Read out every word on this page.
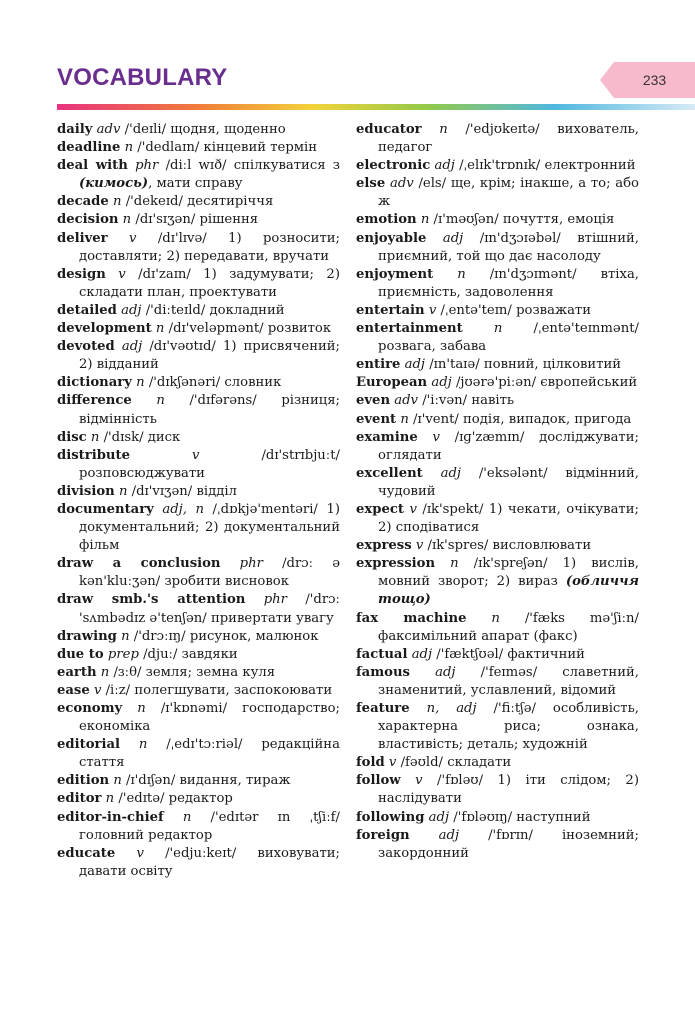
VOCABULARY	233

daily adv /'deɪli/ щодня, щоденно

deadline n /'dedlaɪn/ кінцевий термін

deal with phr /diːl wɪð/ спілкуватися з (кимось), мати справу

decade n /'dekeɪd/ десятиріччя

decision n /dɪ'sɪʒən/ рішення

deliver v /dɪ'lɪvə/ 1) розносити; доставляти; 2) передавати, вручати

design v /dɪ'zaɪn/ 1) задумувати; 2) складати план, проектувати

detailed adj /'diːteɪld/ докладний

development n /dɪ'veləpmənt/ розвиток

devoted adj /dɪ'vəʊtɪd/ 1) присвячений; 2) відданий

dictionary n /'dɪkʃənəri/ словник

difference n /'dɪfərəns/ різниця; відмінність

disc n /'dɪsk/ диск

distribute	v	/dɪ'strɪbjuːt/ розповсюджувати

division n /dɪ'vɪʒən/ відділ

documentary adj, n /ˌdɒkjə'mentəri/ 1) документальний; 2) документальний фільм

draw a conclusion phr /drɔː ə kən'kluːʒən/ зробити висновок

draw smb.'s attention phr /'drɔː 'sʌmbədɪz ə'tenʃən/ привертати увагу

drawing n /'drɔːɪŋ/ рисунок, малюнок

due to prep /djuː/ завдяки

earth n /ɜːθ/ земля; земна куля

ease v /iːz/ полегшувати, заспокоювати

economy n /ɪ'kɒnəmi/ господарство; економіка

editorial n /ˌedɪ'tɔːriəl/ редакційна стаття

edition n /ɪ'dɪʃən/ видання, тираж

editor n /'edɪtə/ редактор

editor-in-chief n /'edɪtər ɪn ˌtʃiːf/ головний редактор

educate v /'edjuːkeɪt/ виховувати; давати освіту

educator n /'edjʊkeɪtə/ вихователь, педагог

electronic adj /ˌelɪk'trɒnɪk/ електронний

else adv /els/ ще, крім; інакше, а то; або ж

emotion n /ɪ'məʊʃən/ почуття, емоція

enjoyable adj /ɪn'dʒɔɪəbəl/ втішний, приємний, той що дає насолоду

enjoyment n /ɪn'dʒɔɪmənt/ втіха, приємність, задоволення

entertain v /ˌentə'teɪn/ розважати

entertainment n /ˌentə'teɪnmənt/ розвага, забава

entire adj /ɪn'taɪə/ повний, цілковитий

European adj /jʊərə'piːən/ європейський

even adv /'iːvən/ навіть

event n /ɪ'vent/ подія, випадок, пригода

examine v /ɪɡ'zæmɪn/ досліджувати; оглядати

excellent adj /'eksələnt/ відмінний, чудовий

expect v /ɪk'spekt/ 1) чекати, очікувати; 2) сподіватися

express v /ɪk'spres/ висловлювати

expression n /ɪk'spreʃən/ 1) вислів, мовний зворот; 2) вираз (обличчя тощо)

fax machine n /'fæks mə'ʃiːn/ факсимільний апарат (факс)

factual adj /'fæktʃʊəl/ фактичний

famous adj /'feɪməs/ славетний, знаменитий, уславлений, відомий

feature n, adj /'fiːtʃə/ особливість, характерна риса; ознака, властивість; деталь; художній

fold v /fəʊld/ складати

follow v /'fɒləʊ/ 1) іти слідом; 2) наслідувати

following adj /'fɒləʊɪŋ/ наступний

foreign adj /'fɒrɪn/ іноземний; закордонний
